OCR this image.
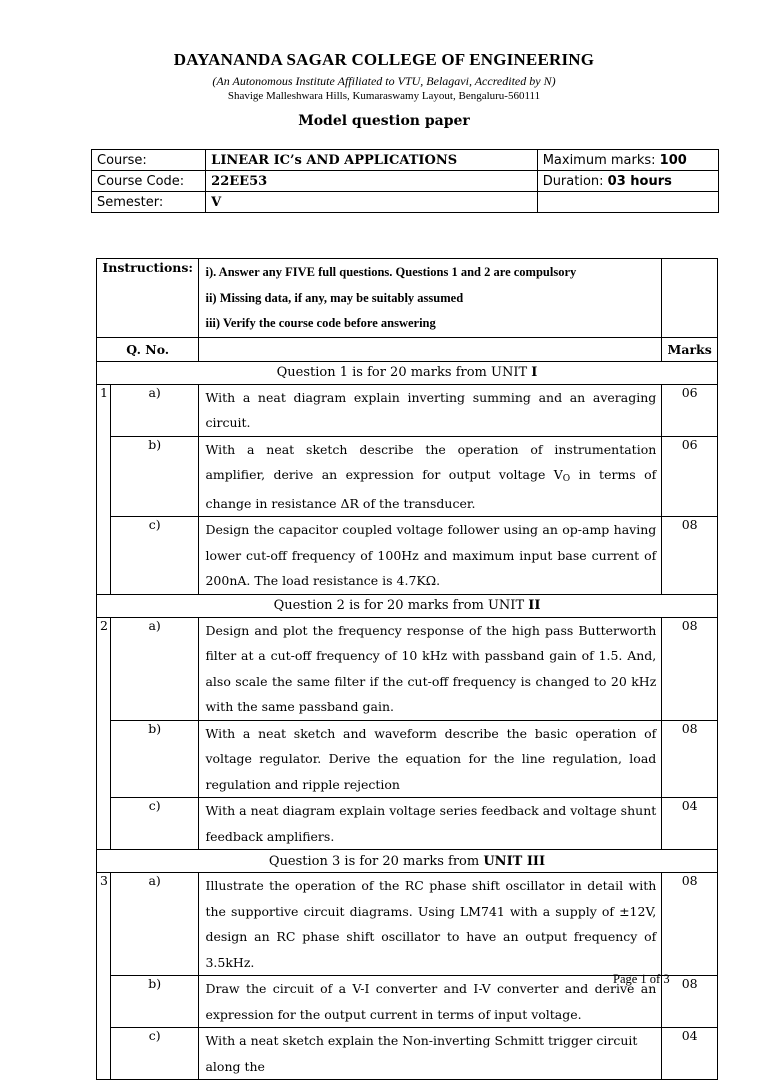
DAYANANDA SAGAR COLLEGE OF ENGINEERING
(An Autonomous Institute Affiliated to VTU, Belagavi, Accredited by N)
Shavige Malleshwara Hills, Kumaraswamy Layout, Bengaluru-560111
Model question paper
Course:	LINEAR IC’s AND APPLICATIONS	Maximum marks: 100
Course Code:	22EE53	Duration: 03 hours
Semester:	V	
Instructions:		i). Answer any FIVE full questions. Questions 1 and 2 are compulsory
ii) Missing data, if any, may be suitably assumed
iii) Verify the course code before answering	

Q. No.			Marks
Question 1 is for 20 marks from UNIT I			
1	a)	With a neat diagram explain inverting summing and an averaging circuit.	06
	b)	With a neat sketch describe the operation of instrumentation amplifier, derive an expression for output voltage VO in terms of change in resistance ΔR of the transducer.	06
	c)	Design the capacitor coupled voltage follower using an op-amp having lower cut-off frequency of 100Hz and maximum input base current of 200nA. The load resistance is 4.7KΩ.	08
Question 2 is for 20 marks from UNIT II			
2	a)	Design and plot the frequency response of the high pass Butterworth filter at a cut-off frequency of 10 kHz with passband gain of 1.5. And, also scale the same filter if the cut-off frequency is changed to 20 kHz with the same passband gain.	08
	b)	With a neat sketch and waveform describe the basic operation of voltage regulator. Derive the equation for the line regulation, load regulation and ripple rejection	08
	c)	With a neat diagram explain voltage series feedback and voltage shunt feedback amplifiers.	04
Question 3 is for 20 marks from UNIT III			
3	a)	Illustrate the operation of the RC phase shift oscillator in detail with the supportive circuit diagrams. Using LM741 with a supply of ±12V, design an RC phase shift oscillator to have an output frequency of 3.5kHz.	08
	b)	Draw the circuit of a V-I converter and I-V converter and derive an expression for the output current in terms of input voltage.	08
	c)	With a neat sketch explain the Non-inverting Schmitt trigger circuit along the	04
Page 1 of 3
